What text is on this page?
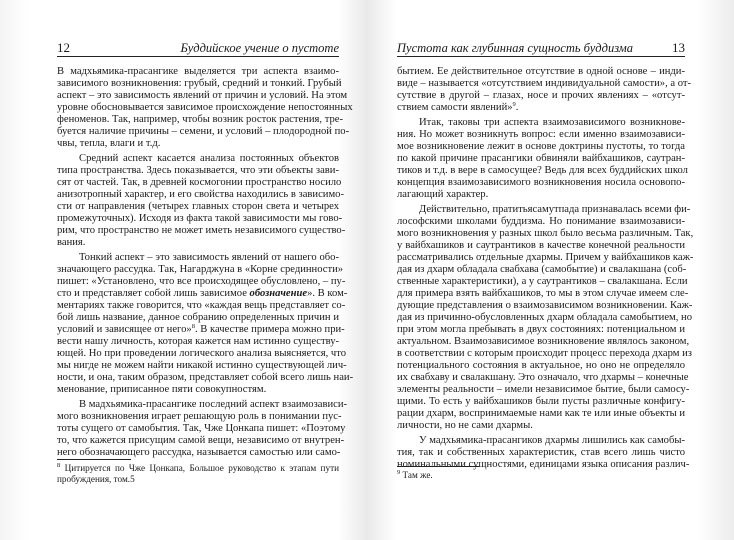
12	Буддийское учение о пустоте
В мадхьямика-прасангике выделяется три аспекта взаимо-
зависимого возникновения: грубый, средний и тонкий. Грубый
аспект – это зависимость явлений от причин и условий. На этом
уровне обосновывается зависимое происхождение непостоянных
феноменов. Так, например, чтобы возник росток растения, тре-
буется наличие причины – семени, и условий – плодородной по-
чвы, тепла, влаги и т.д.
Средний аспект касается анализа постоянных объектов
типа пространства. Здесь показывается, что эти объекты зави-
сят от частей. Так, в древней космогонии пространство носило
анизотропный характер, и его свойства находились в зависимо-
сти от направления (четырех главных сторон света и четырех
промежуточных). Исходя из факта такой зависимости мы гово-
рим, что пространство не может иметь независимого существо-
вания.
Тонкий аспект – это зависимость явлений от нашего обо-
значающего рассудка. Так, Нагарджуна в «Корне срединности»
пишет: «Установлено, что все происходящее обусловлено, – пу-
сто и представляет собой лишь зависимое обозначение». В ком-
ментариях также говорится, что «каждая вещь представляет со-
бой лишь название, данное собранию определенных причин и
условий и зависящее от него»$^8$. В качестве примера можно при-
вести нашу личность, которая кажется нам истинно существу-
ющей. Но при проведении логического анализа выясняется, что
мы нигде не можем найти никакой истинно существующей лич-
ности, и она, таким образом, представляет собой всего лишь наи-
менование, приписанное пяти совокупностям.
В мадхьямика-прасангике последний аспект взаимозависи-
мого возникновения играет решающую роль в понимании пус-
тоты сущего от самобытия. Так, Чже Цонкапа пишет: «Поэтому
то, что кажется присущим самой вещи, независимо от внутрен-
него обозначающего рассудка, называется самостью или само-
$^8$ Цитируется по Чже Цонкапа, Большое руководство к этапам пути
пробуждения, том.5
Пустота как глубинная сущность буддизма	13
бытием. Ее действительное отсутствие в одной основе – инди-
виде – называется «отсутствием индивидуальной самости», а от-
сутствие в другой – глазах, носе и прочих явлениях – «отсут-
ствием самости явлений»$^9$.
Итак, таковы три аспекта взаимозависимого возникнове-
ния. Но может возникнуть вопрос: если именно взаимозависи-
мое возникновение лежит в основе доктрины пустоты, то тогда
по какой причине прасангики обвиняли вайбхашиков, саутран-
тиков и т.д. в вере в самосущее? Ведь для всех буддийских школ
концепция взаимозависимого возникновения носила основопо-
лагающий характер.
Действительно, пратитьясамутпада признавалась всеми фи-
лософскими школами буддизма. Но понимание взаимозависи-
мого возникновения у разных школ было весьма различным. Так,
у вайбхашиков и саутрантиков в качестве конечной реальности
рассматривались отдельные дхармы. Причем у вайбхашиков каж-
дая из дхарм обладала свабхава (самобытие) и свалакшана (соб-
ственные характеристики), а у саутрантиков – свалакшана. Если
для примера взять вайбхашиков, то мы в этом случае имеем сле-
дующие представления о взаимозависимом возникновении. Каж-
дая из причинно-обусловленных дхарм обладала самобытием, но
при этом могла пребывать в двух состояниях: потенциальном и
актуальном. Взаимозависимое возникновение являлось законом,
в соответствии с которым происходит процесс перехода дхарм из
потенциального состояния в актуальное, но оно не определяло
их свабхаву и свалакшану. Это означало, что дхармы – конечные
элементы реальности – имели независимое бытие, были самосу-
щими. То есть у вайбхашиков были пусты различные конфигу-
рации дхарм, воспринимаемые нами как те или иные объекты и
личности, но не сами дхармы.
У мадхьямика-прасангиков дхармы лишились как самобы-
тия, так и собственных характеристик, став всего лишь чисто
номинальными сущностями, единицами языка описания различ-
$^9$ Там же.
